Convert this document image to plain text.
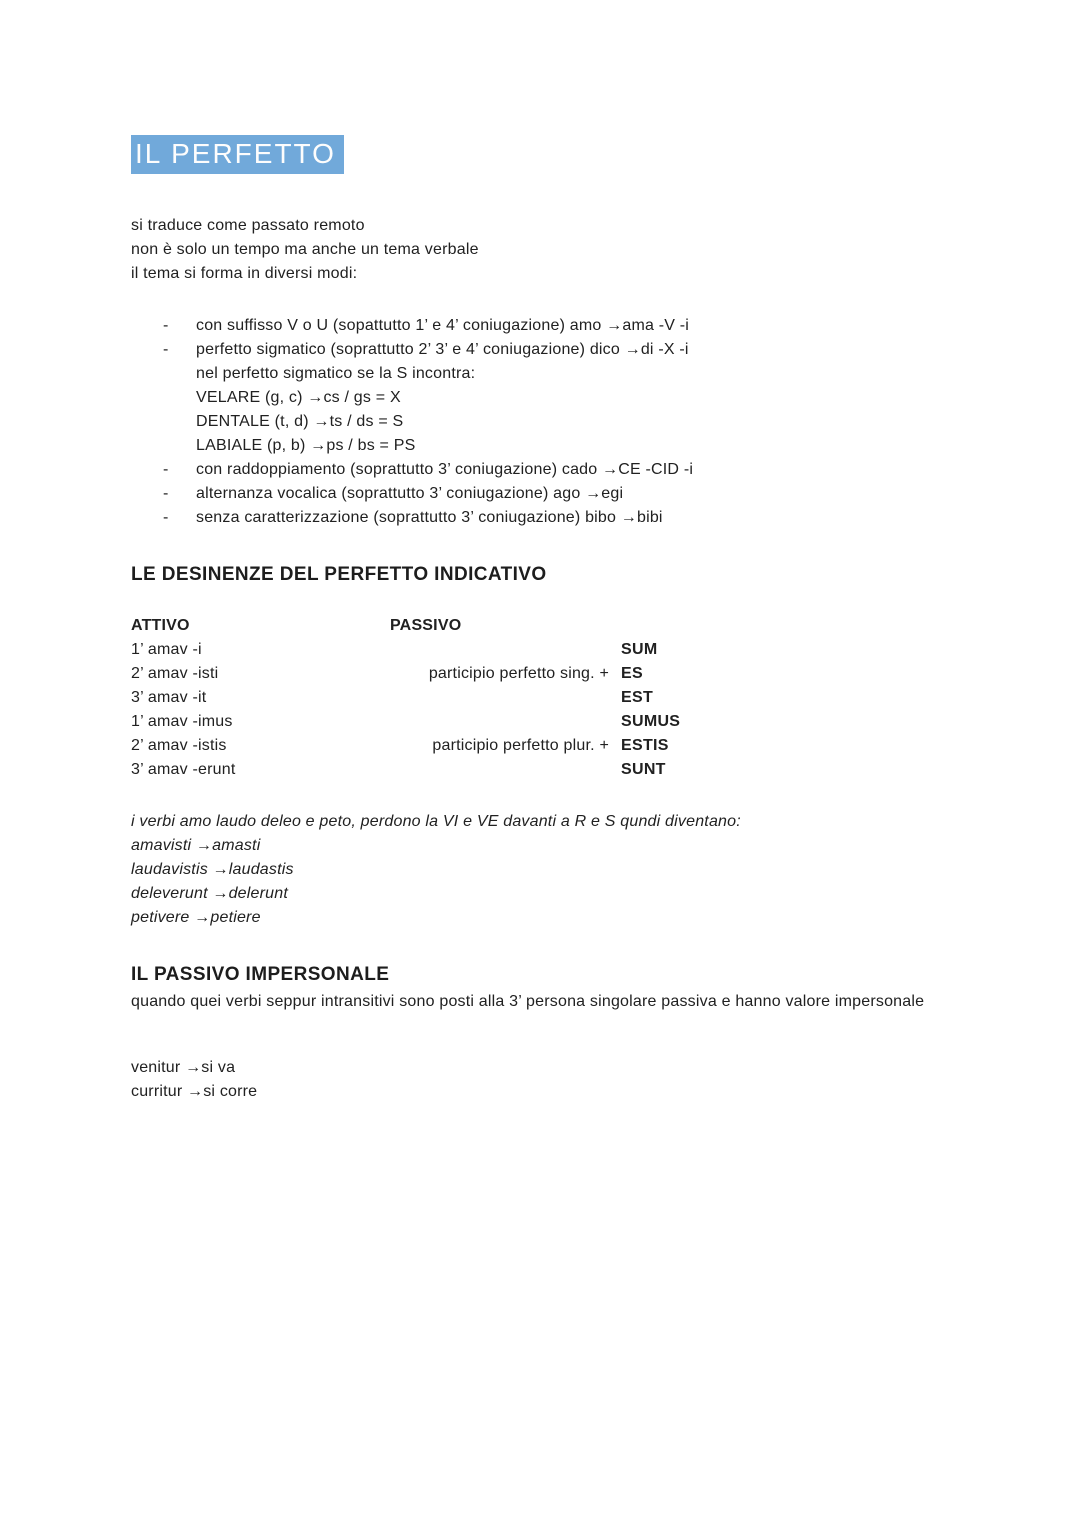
IL PERFETTO
si traduce come passato remoto
non è solo un tempo ma anche un tema verbale
il tema si forma in diversi modi:
-	con suffisso V o U (sopattutto 1’ e 4’ coniugazione) amo →ama -V -i
-	perfetto sigmatico (soprattutto 2’ 3’ e 4’ coniugazione) dico →di -X -i
nel perfetto sigmatico se la S incontra:
VELARE (g, c) →cs / gs = X
DENTALE (t, d) →ts / ds = S
LABIALE (p, b) →ps / bs = PS
-	con raddoppiamento (soprattutto 3’ coniugazione) cado →CE -CID -i
-	alternanza vocalica (soprattutto 3’ coniugazione) ago →egi
-	senza caratterizzazione (soprattutto 3’ coniugazione) bibo →bibi
LE DESINENZE DEL PERFETTO INDICATIVO
ATTIVO	PASSIVO
1’ amav -i	SUM
2’ amav -isti	participio perfetto sing. + ES
3’ amav -it	EST
1’ amav -imus	SUMUS
2’ amav -istis	participio perfetto plur. + ESTIS
3’ amav -erunt	SUNT
i verbi amo laudo deleo e peto, perdono la VI e VE davanti a R e S qundi diventano:
amavisti →amasti
laudavistis →laudastis
deleverunt →delerunt
petivere →petiere
IL PASSIVO IMPERSONALE
quando quei verbi seppur intransitivi sono posti alla 3’ persona singolare passiva e hanno valore impersonale
venitur →si va
curritur →si corre
